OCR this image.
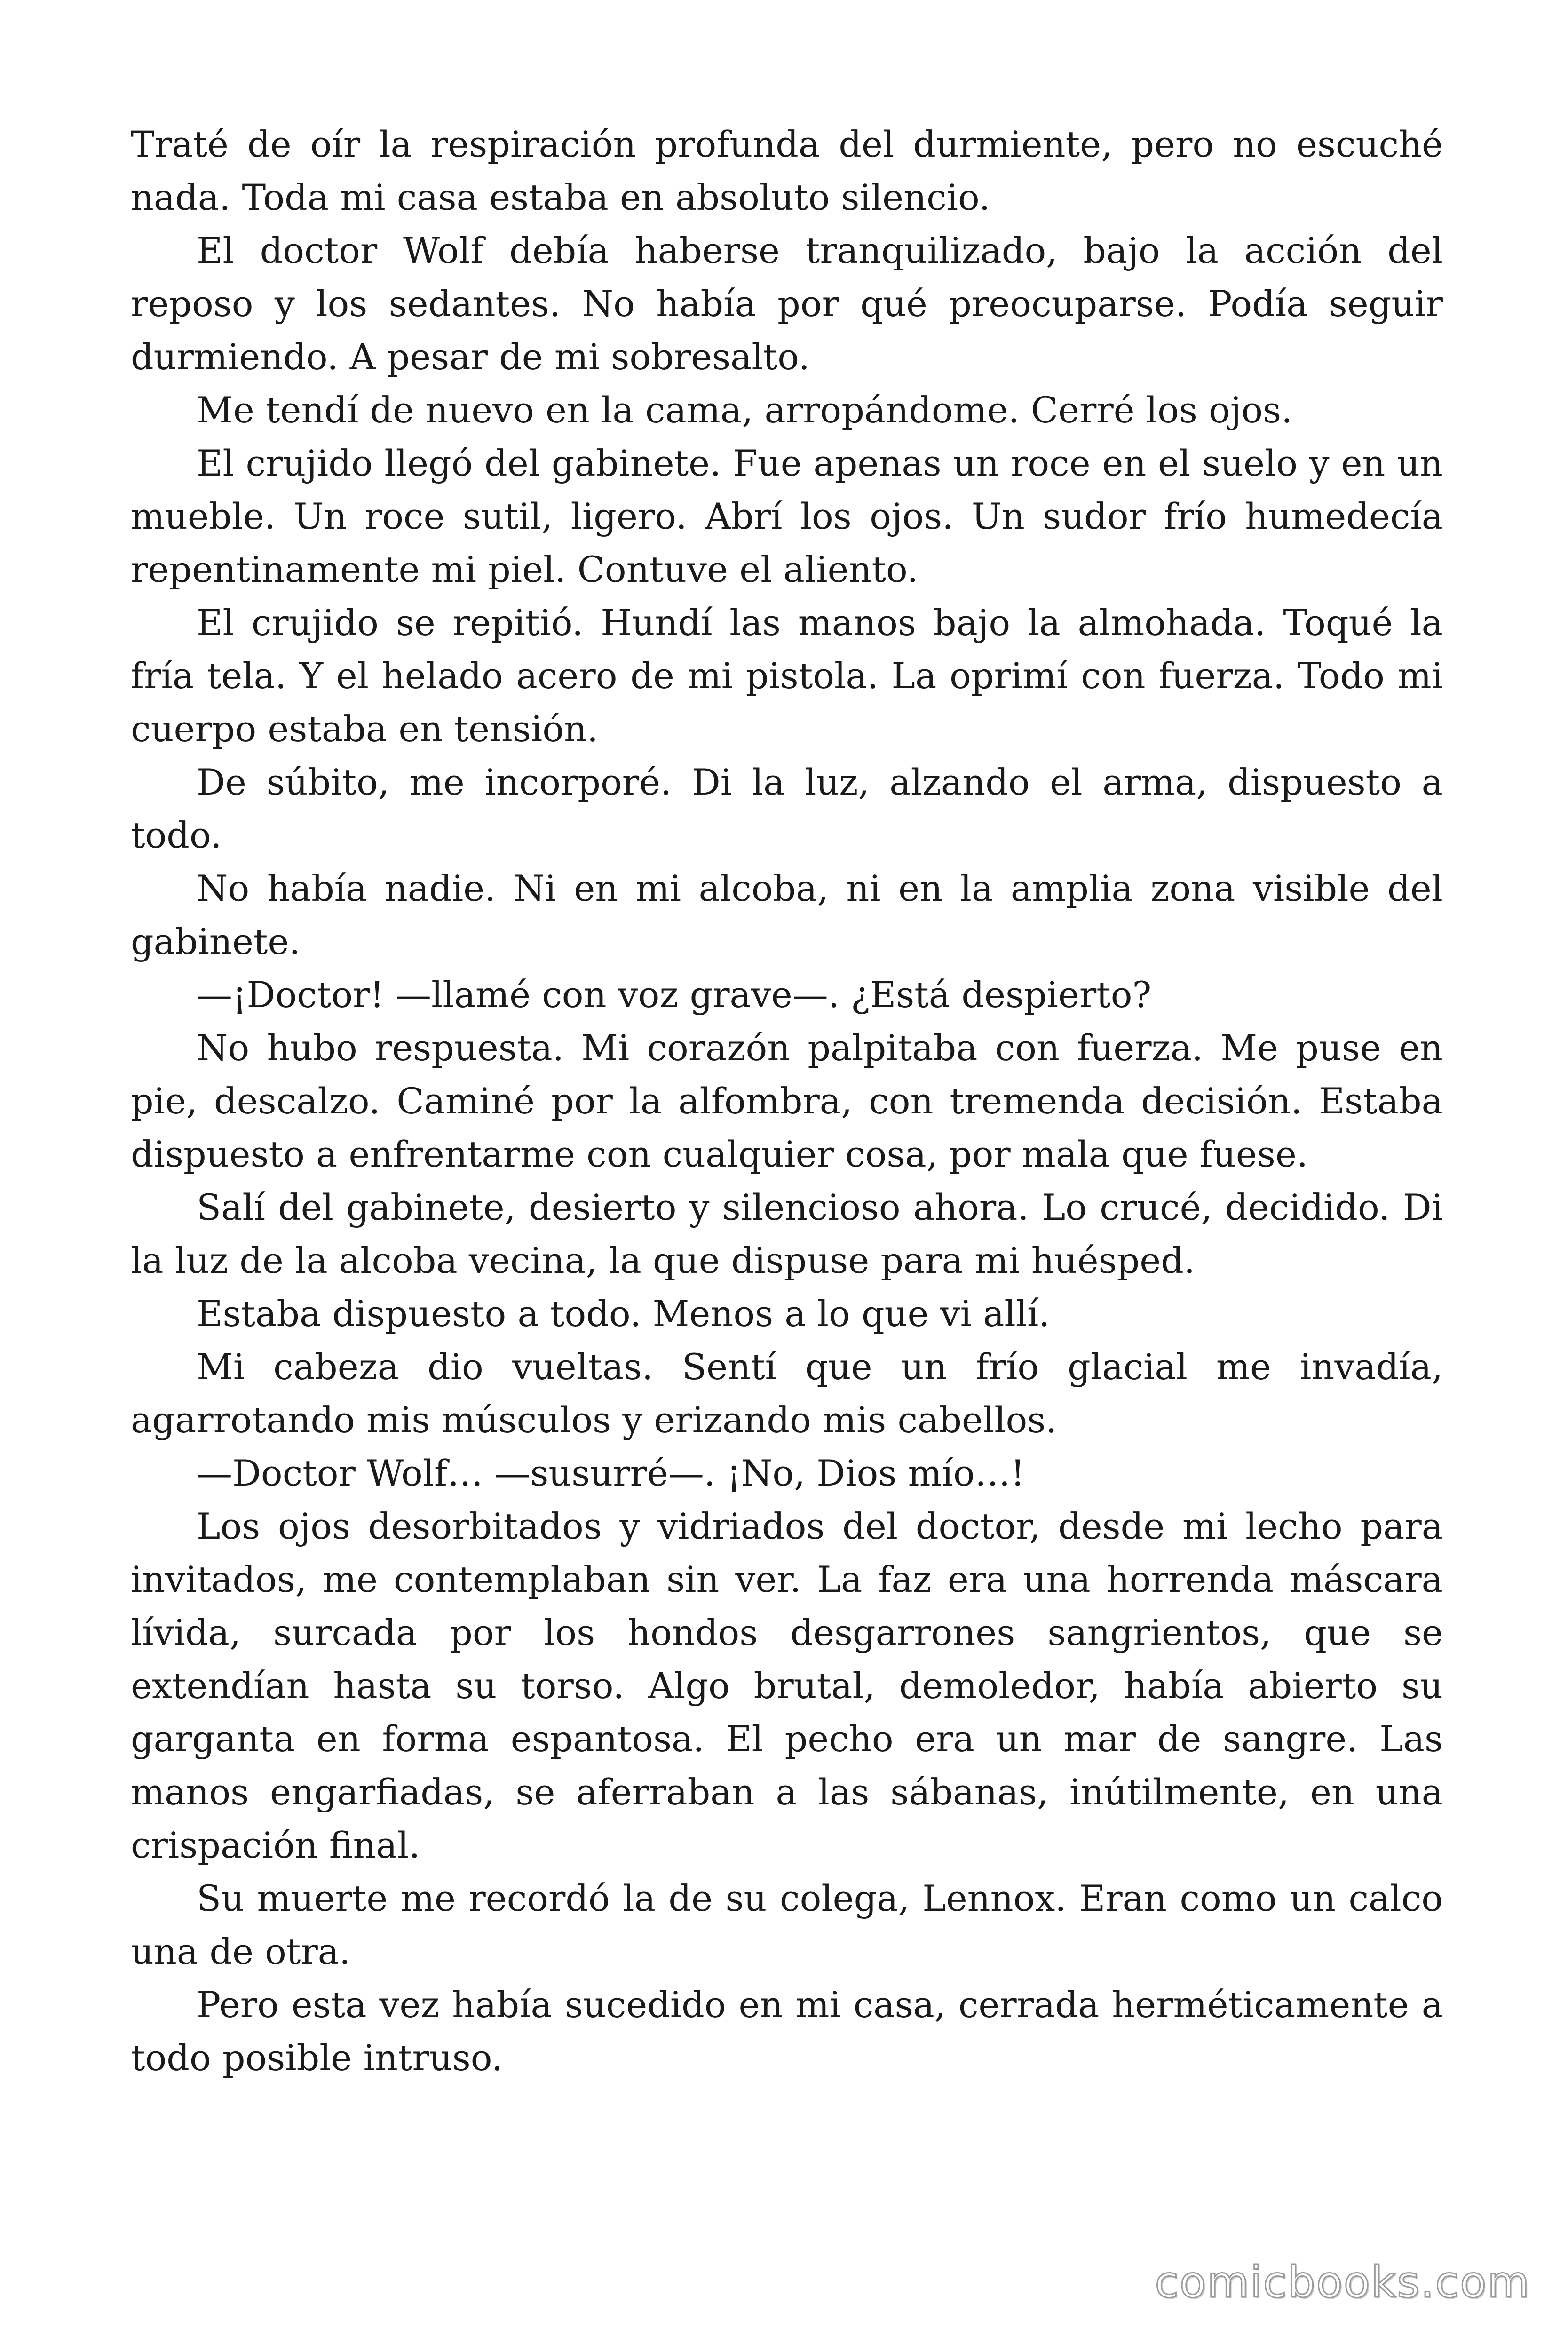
Traté de oír la respiración profunda del durmiente, pero no escuché nada. Toda mi casa estaba en absoluto silencio.

El doctor Wolf debía haberse tranquilizado, bajo la acción del reposo y los sedantes. No había por qué preocuparse. Podía seguir durmiendo. A pesar de mi sobresalto.

Me tendí de nuevo en la cama, arropándome. Cerré los ojos.

El crujido llegó del gabinete. Fue apenas un roce en el suelo y en un mueble. Un roce sutil, ligero. Abrí los ojos. Un sudor frío humedecía repentinamente mi piel. Contuve el aliento.

El crujido se repitió. Hundí las manos bajo la almohada. Toqué la fría tela. Y el helado acero de mi pistola. La oprimí con fuerza. Todo mi cuerpo estaba en tensión.

De súbito, me incorporé. Di la luz, alzando el arma, dispuesto a todo.

No había nadie. Ni en mi alcoba, ni en la amplia zona visible del gabinete.

—¡Doctor! —llamé con voz grave—. ¿Está despierto?

No hubo respuesta. Mi corazón palpitaba con fuerza. Me puse en pie, descalzo. Caminé por la alfombra, con tremenda decisión. Estaba dispuesto a enfrentarme con cualquier cosa, por mala que fuese.

Salí del gabinete, desierto y silencioso ahora. Lo crucé, decidido. Di la luz de la alcoba vecina, la que dispuse para mi huésped.

Estaba dispuesto a todo. Menos a lo que vi allí.

Mi cabeza dio vueltas. Sentí que un frío glacial me invadía, agarrotando mis músculos y erizando mis cabellos.

—Doctor Wolf… —susurré—. ¡No, Dios mío…!

Los ojos desorbitados y vidriados del doctor, desde mi lecho para invitados, me contemplaban sin ver. La faz era una horrenda máscara lívida, surcada por los hondos desgarrones sangrientos, que se extendían hasta su torso. Algo brutal, demoledor, había abierto su garganta en forma espantosa. El pecho era un mar de sangre. Las manos engarfiadas, se aferraban a las sábanas, inútilmente, en una crispación final.

Su muerte me recordó la de su colega, Lennox. Eran como un calco una de otra.

Pero esta vez había sucedido en mi casa, cerrada herméticamente a todo posible intruso.

comicbooks.com
